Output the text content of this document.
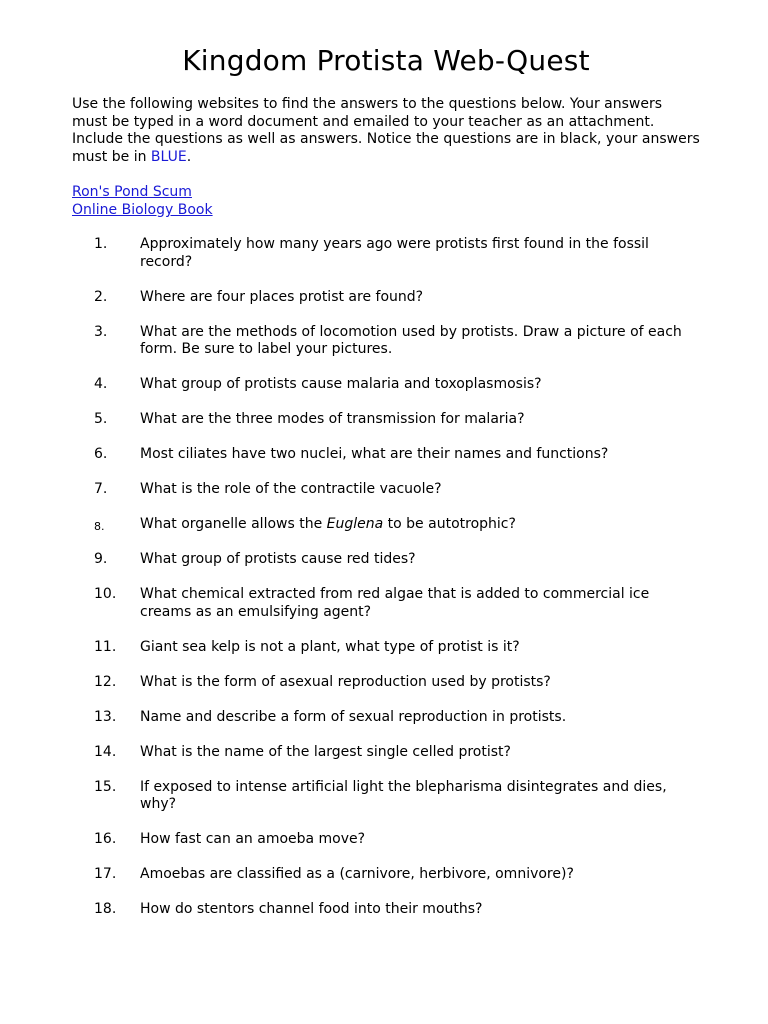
Kingdom Protista Web-Quest

Use the following websites to find the answers to the questions below. Your answers must be typed in a word document and emailed to your teacher as an attachment. Include the questions as well as answers. Notice the questions are in black, your answers must be in BLUE.

Ron's Pond Scum
Online Biology Book
1.	Approximately how many years ago were protists first found in the fossil record?
2.	Where are four places protist are found?
3.	What are the methods of locomotion used by protists. Draw a picture of each form. Be sure to label your pictures.
4.	What group of protists cause malaria and toxoplasmosis?
5.	What are the three modes of transmission for malaria?
6.	Most ciliates have two nuclei, what are their names and functions?
7.	What is the role of the contractile vacuole?
8.	What organelle allows the Euglena to be autotrophic?
9.	What group of protists cause red tides?
10.	What chemical extracted from red algae that is added to commercial ice creams as an emulsifying agent?
11.	Giant sea kelp is not a plant, what type of protist is it?
12.	What is the form of asexual reproduction used by protists?
13.	Name and describe a form of sexual reproduction in protists.
14.	What is the name of the largest single celled protist?
15.	If exposed to intense artificial light the blepharisma disintegrates and dies, why?
16.	How fast can an amoeba move?
17.	Amoebas are classified as a (carnivore, herbivore, omnivore)?
18.	How do stentors channel food into their mouths?
